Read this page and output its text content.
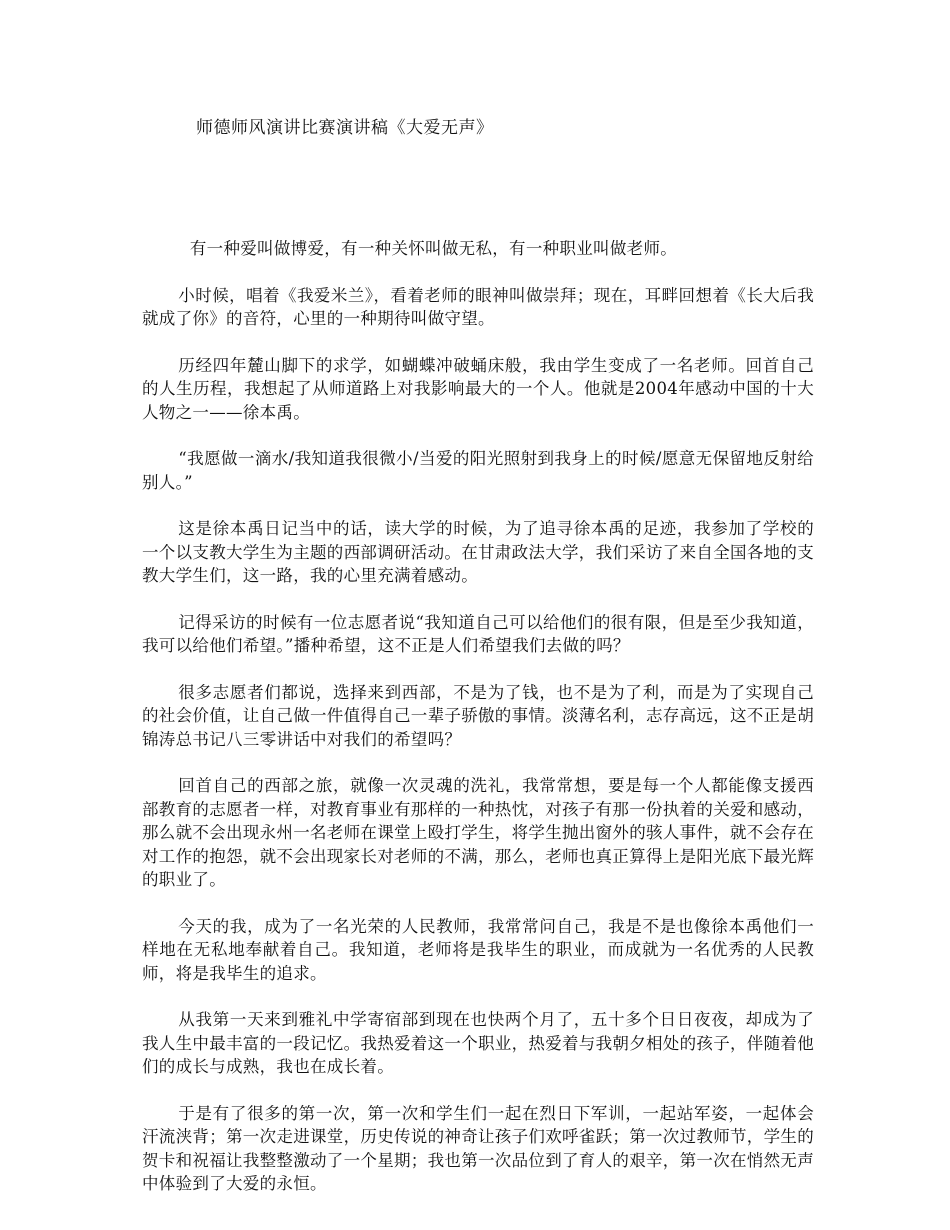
师德师风演讲比赛演讲稿《大爱无声》

有一种爱叫做博爱，有一种关怀叫做无私，有一种职业叫做老师。

小时候，唱着《我爱米兰》，看着老师的眼神叫做崇拜；现在，耳畔回想着《长大后我就成了你》的音符，心里的一种期待叫做守望。

历经四年麓山脚下的求学，如蝴蝶冲破蛹床般，我由学生变成了一名老师。回首自己的人生历程，我想起了从师道路上对我影响最大的一个人。他就是2004年感动中国的十大人物之一——徐本禹。

“我愿做一滴水/我知道我很微小/当爱的阳光照射到我身上的时候/愿意无保留地反射给别人。”

这是徐本禹日记当中的话，读大学的时候，为了追寻徐本禹的足迹，我参加了学校的一个以支教大学生为主题的西部调研活动。在甘肃政法大学，我们采访了来自全国各地的支教大学生们，这一路，我的心里充满着感动。

记得采访的时候有一位志愿者说“我知道自己可以给他们的很有限，但是至少我知道，我可以给他们希望。”播种希望，这不正是人们希望我们去做的吗？

很多志愿者们都说，选择来到西部，不是为了钱，也不是为了利，而是为了实现自己的社会价值，让自己做一件值得自己一辈子骄傲的事情。淡薄名利，志存高远，这不正是胡锦涛总书记八三零讲话中对我们的希望吗？

回首自己的西部之旅，就像一次灵魂的洗礼，我常常想，要是每一个人都能像支援西部教育的志愿者一样，对教育事业有那样的一种热忱，对孩子有那一份执着的关爱和感动，那么就不会出现永州一名老师在课堂上殴打学生，将学生抛出窗外的骇人事件，就不会存在对工作的抱怨，就不会出现家长对老师的不满，那么，老师也真正算得上是阳光底下最光辉的职业了。

今天的我，成为了一名光荣的人民教师，我常常问自己，我是不是也像徐本禹他们一样地在无私地奉献着自己。我知道，老师将是我毕生的职业，而成就为一名优秀的人民教师，将是我毕生的追求。

从我第一天来到雅礼中学寄宿部到现在也快两个月了，五十多个日日夜夜，却成为了我人生中最丰富的一段记忆。我热爱着这一个职业，热爱着与我朝夕相处的孩子，伴随着他们的成长与成熟，我也在成长着。

于是有了很多的第一次，第一次和学生们一起在烈日下军训，一起站军姿，一起体会汗流浃背；第一次走进课堂，历史传说的神奇让孩子们欢呼雀跃；第一次过教师节，学生的贺卡和祝福让我整整激动了一个星期；我也第一次品位到了育人的艰辛，第一次在悄然无声中体验到了大爱的永恒。
